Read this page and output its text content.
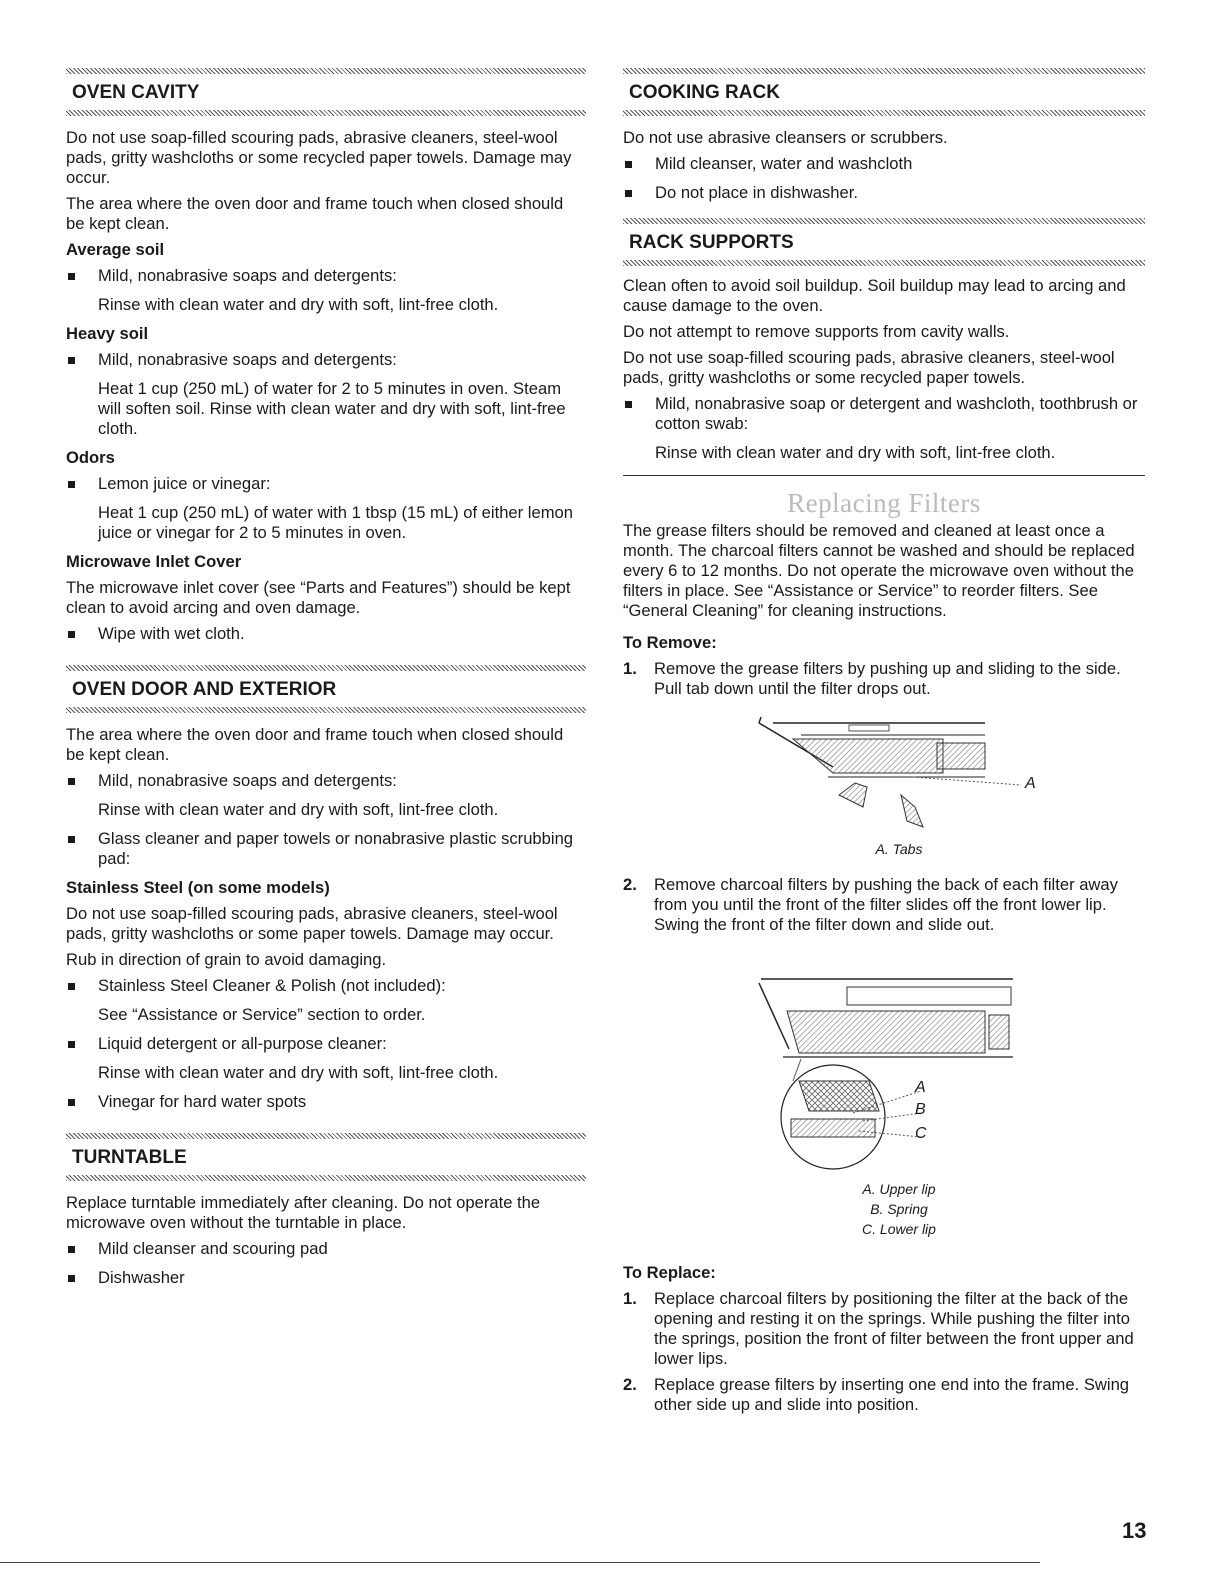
OVEN CAVITY

Do not use soap-filled scouring pads, abrasive cleaners, steel-wool pads, gritty washcloths or some recycled paper towels. Damage may occur.

The area where the oven door and frame touch when closed should be kept clean.

Average soil
Mild, nonabrasive soaps and detergents:
Rinse with clean water and dry with soft, lint-free cloth.
Heavy soil
Mild, nonabrasive soaps and detergents:
Heat 1 cup (250 mL) of water for 2 to 5 minutes in oven. Steam will soften soil. Rinse with clean water and dry with soft, lint-free cloth.
Odors
Lemon juice or vinegar:
Heat 1 cup (250 mL) of water with 1 tbsp (15 mL) of either lemon juice or vinegar for 2 to 5 minutes in oven.
Microwave Inlet Cover

The microwave inlet cover (see “Parts and Features”) should be kept clean to avoid arcing and oven damage.

Wipe with wet cloth.
OVEN DOOR AND EXTERIOR

The area where the oven door and frame touch when closed should be kept clean.

Mild, nonabrasive soaps and detergents:
Rinse with clean water and dry with soft, lint-free cloth.
Glass cleaner and paper towels or nonabrasive plastic scrubbing pad:
Stainless Steel (on some models)

Do not use soap-filled scouring pads, abrasive cleaners, steel-wool pads, gritty washcloths or some paper towels. Damage may occur.

Rub in direction of grain to avoid damaging.

Stainless Steel Cleaner & Polish (not included):
See “Assistance or Service” section to order.
Liquid detergent or all-purpose cleaner:
Rinse with clean water and dry with soft, lint-free cloth.
Vinegar for hard water spots
TURNTABLE

Replace turntable immediately after cleaning. Do not operate the microwave oven without the turntable in place.

Mild cleanser and scouring pad
Dishwasher
COOKING RACK

Do not use abrasive cleansers or scrubbers.

Mild cleanser, water and washcloth
Do not place in dishwasher.
RACK SUPPORTS

Clean often to avoid soil buildup. Soil buildup may lead to arcing and cause damage to the oven.

Do not attempt to remove supports from cavity walls.

Do not use soap-filled scouring pads, abrasive cleaners, steel-wool pads, gritty washcloths or some recycled paper towels.

Mild, nonabrasive soap or detergent and washcloth, toothbrush or cotton swab:
Rinse with clean water and dry with soft, lint-free cloth.
Replacing Filters

The grease filters should be removed and cleaned at least once a month. The charcoal filters cannot be washed and should be replaced every 6 to 12 months. Do not operate the microwave oven without the filters in place. See “Assistance or Service” to reorder filters. See “General Cleaning” for cleaning instructions.

To Remove:
1. Remove the grease filters by pushing up and sliding to the side. Pull tab down until the filter drops out.
A
A. Tabs
2. Remove charcoal filters by pushing the back of each filter away from you until the front of the filter slides off the front lower lip. Swing the front of the filter down and slide out.
A
B
C
A. Upper lip
B. Spring
C. Lower lip
To Replace:
1. Replace charcoal filters by positioning the filter at the back of the opening and resting it on the springs. While pushing the filter into the springs, position the front of filter between the front upper and lower lips.
2. Replace grease filters by inserting one end into the frame. Swing other side up and slide into position.
13
